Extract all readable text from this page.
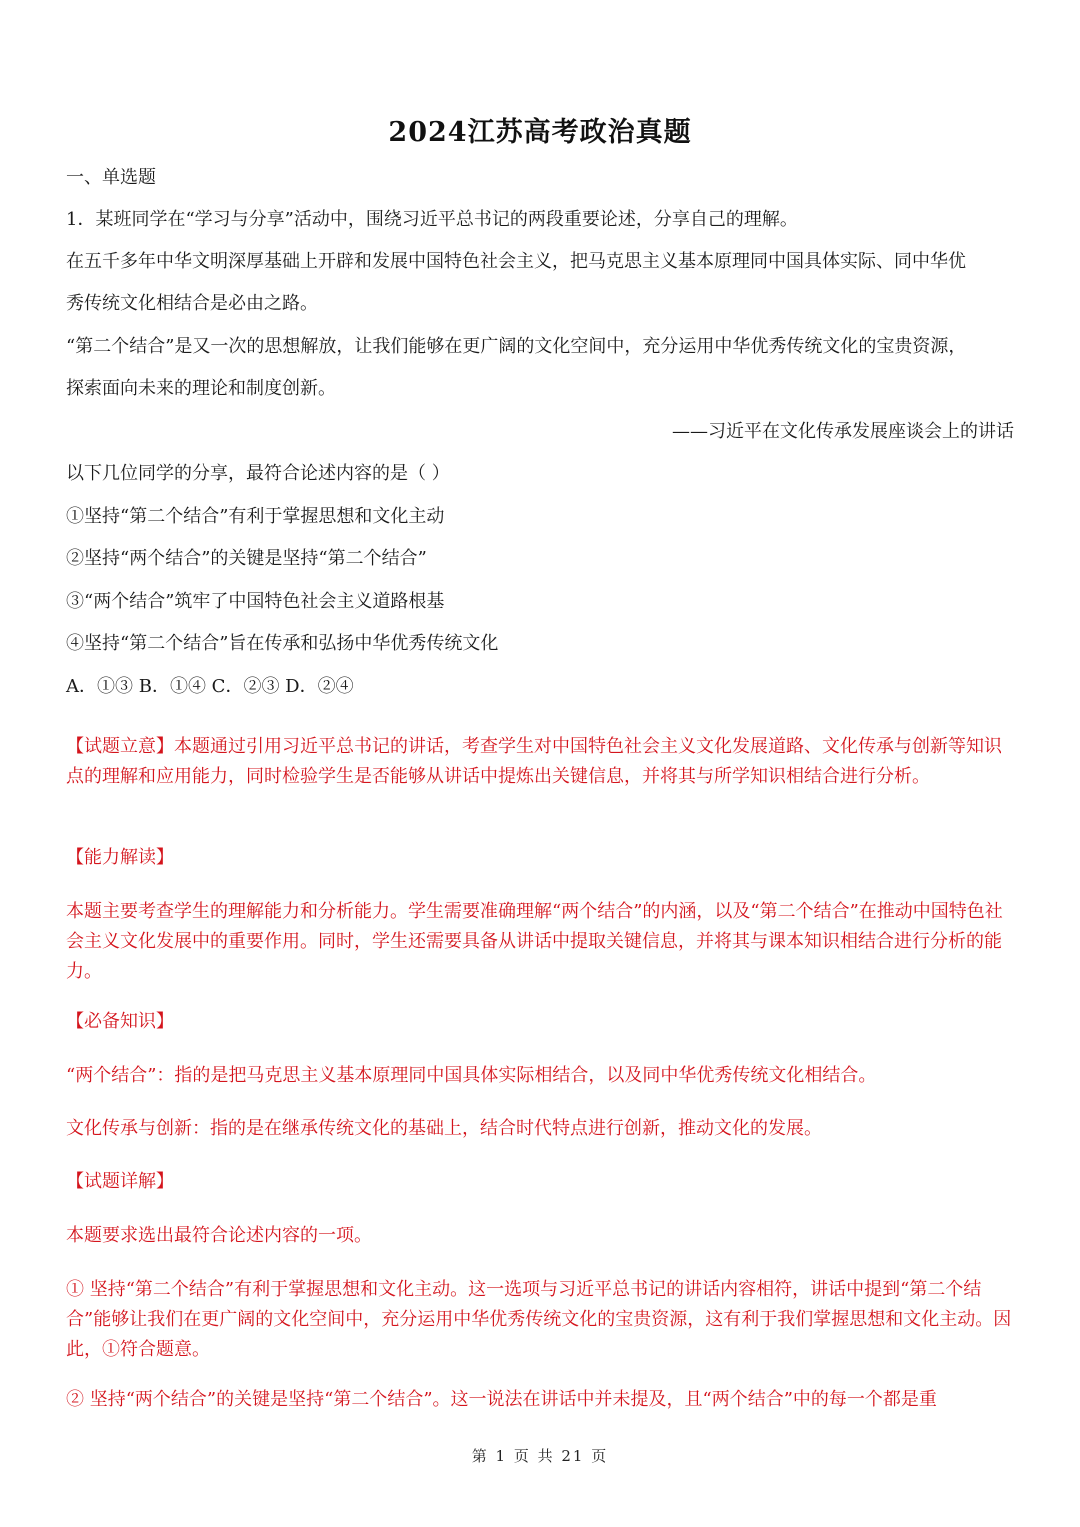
2024江苏高考政治真题
一、单选题
1．某班同学在“学习与分享”活动中，围绕习近平总书记的两段重要论述，分享自己的理解。
在五千多年中华文明深厚基础上开辟和发展中国特色社会主义，把马克思主义基本原理同中国具体实际、同中华优
秀传统文化相结合是必由之路。
“第二个结合”是又一次的思想解放，让我们能够在更广阔的文化空间中，充分运用中华优秀传统文化的宝贵资源，
探索面向未来的理论和制度创新。
——习近平在文化传承发展座谈会上的讲话
以下几位同学的分享，最符合论述内容的是（ ）
①坚持“第二个结合”有利于掌握思想和文化主动
②坚持“两个结合”的关键是坚持“第二个结合”
③“两个结合”筑牢了中国特色社会主义道路根基
④坚持“第二个结合”旨在传承和弘扬中华优秀传统文化
A．①③ B．①④ C．②③ D．②④
【试题立意】本题通过引用习近平总书记的讲话，考查学生对中国特色社会主义文化发展道路、文化传承与创新等知识点的理解和应用能力，同时检验学生是否能够从讲话中提炼出关键信息，并将其与所学知识相结合进行分析。
【能力解读】
本题主要考查学生的理解能力和分析能力。学生需要准确理解“两个结合”的内涵，以及“第二个结合”在推动中国特色社会主义文化发展中的重要作用。同时，学生还需要具备从讲话中提取关键信息，并将其与课本知识相结合进行分析的能力。
【必备知识】
“两个结合”：指的是把马克思主义基本原理同中国具体实际相结合，以及同中华优秀传统文化相结合。
文化传承与创新：指的是在继承传统文化的基础上，结合时代特点进行创新，推动文化的发展。
【试题详解】
本题要求选出最符合论述内容的一项。
① 坚持“第二个结合”有利于掌握思想和文化主动。这一选项与习近平总书记的讲话内容相符，讲话中提到“第二个结合”能够让我们在更广阔的文化空间中，充分运用中华优秀传统文化的宝贵资源，这有利于我们掌握思想和文化主动。因此，①符合题意。
② 坚持“两个结合”的关键是坚持“第二个结合”。这一说法在讲话中并未提及，且“两个结合”中的每一个都是重
第 1 页 共 21 页
